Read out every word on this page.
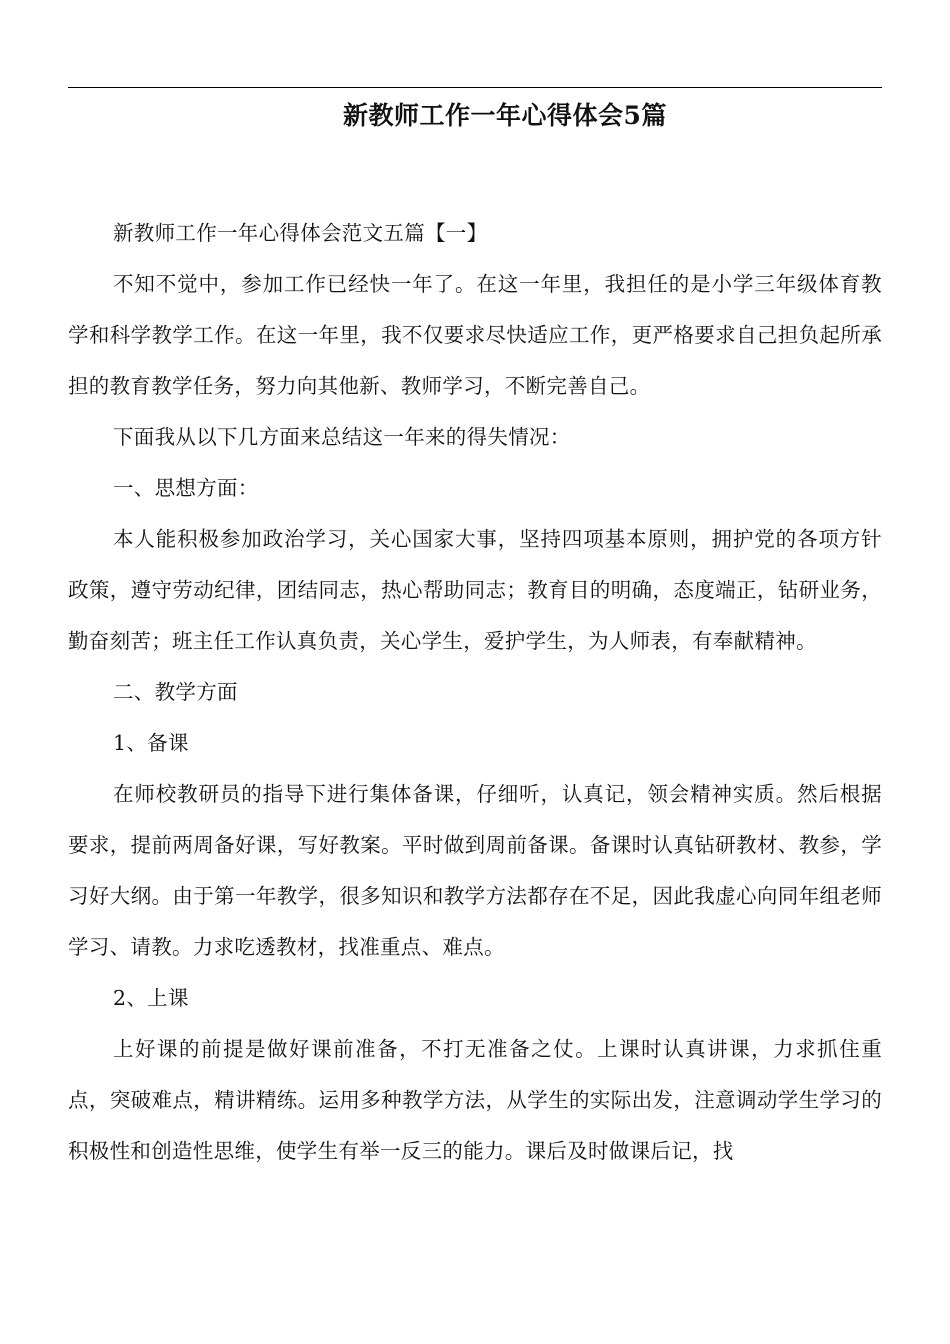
新教师工作一年心得体会5篇

新教师工作一年心得体会范文五篇【一】

不知不觉中，参加工作已经快一年了。在这一年里，我担任的是小学三年级体育教学和科学教学工作。在这一年里，我不仅要求尽快适应工作，更严格要求自己担负起所承担的教育教学任务，努力向其他新、教师学习，不断完善自己。

下面我从以下几方面来总结这一年来的得失情况：

一、思想方面：

本人能积极参加政治学习，关心国家大事，坚持四项基本原则，拥护党的各项方针政策，遵守劳动纪律，团结同志，热心帮助同志；教育目的明确，态度端正，钻研业务，勤奋刻苦；班主任工作认真负责，关心学生，爱护学生，为人师表，有奉献精神。

二、教学方面

1、备课

在师校教研员的指导下进行集体备课，仔细听，认真记，领会精神实质。然后根据要求，提前两周备好课，写好教案。平时做到周前备课。备课时认真钻研教材、教参，学习好大纲。由于第一年教学，很多知识和教学方法都存在不足，因此我虚心向同年组老师学习、请教。力求吃透教材，找准重点、难点。

2、上课

上好课的前提是做好课前准备，不打无准备之仗。上课时认真讲课，力求抓住重点，突破难点，精讲精练。运用多种教学方法，从学生的实际出发，注意调动学生学习的积极性和创造性思维，使学生有举一反三的能力。课后及时做课后记，找
